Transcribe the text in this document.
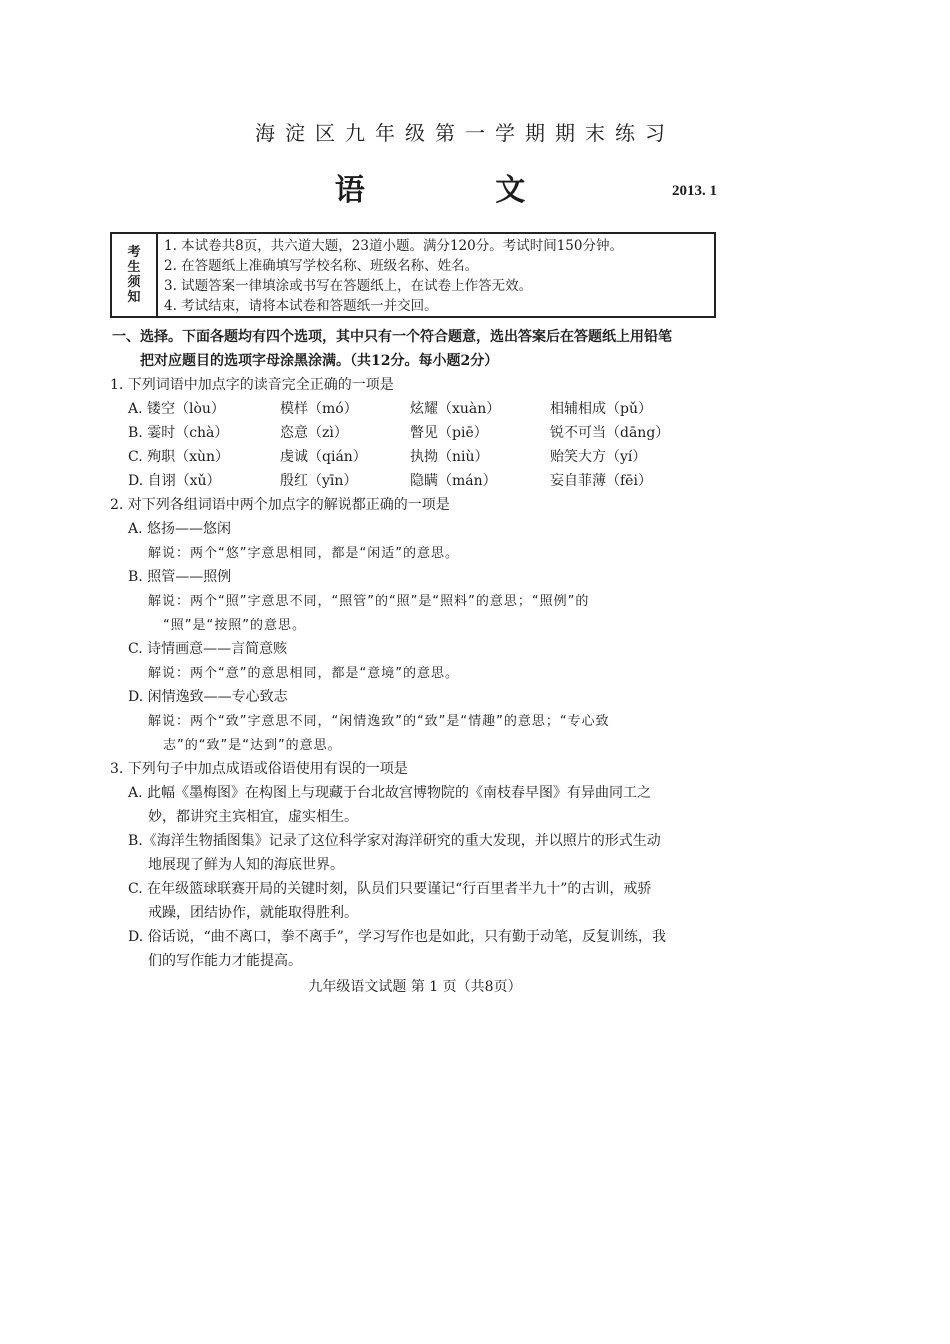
海淀区九年级第一学期期末练习
语 文	2013. 1
考
生
须
知
1. 本试卷共8页，共六道大题，23道小题。满分120分。考试时间150分钟。
2. 在答题纸上准确填写学校名称、班级名称、姓名。
3. 试题答案一律填涂或书写在答题纸上，在试卷上作答无效。
4. 考试结束，请将本试卷和答题纸一并交回。
一、选择。下面各题均有四个选项，其中只有一个符合题意，选出答案后在答题纸上用铅笔
把对应题目的选项字母涂黑涂满。（共12分。每小题2分）
1. 下列词语中加点字的读音完全正确的一项是
A. 镂空（lòu）	模样（mó）	炫耀（xuàn）	相辅相成（pǔ）
B. 霎时（chà）	恣意（zì）	瞥见（piē）	锐不可当（dāng）
C. 殉职（xùn）	虔诚（qián）	执拗（niù）	贻笑大方（yí）
D. 自诩（xǔ）	殷红（yīn）	隐瞒（mán）	妄自菲薄（fēi）
2. 对下列各组词语中两个加点字的解说都正确的一项是
A. 悠扬——悠闲
解说：两个“悠”字意思相同，都是“闲适”的意思。
B. 照管——照例
解说：两个“照”字意思不同，“照管”的“照”是“照料”的意思；“照例”的
“照”是“按照”的意思。
C. 诗情画意——言简意赅
解说：两个“意”的意思相同，都是“意境”的意思。
D. 闲情逸致——专心致志
解说：两个“致”字意思不同，“闲情逸致”的“致”是“情趣”的意思；“专心致
志”的“致”是“达到”的意思。
3. 下列句子中加点成语或俗语使用有误的一项是
A. 此幅《墨梅图》在构图上与现藏于台北故宫博物院的《南枝春早图》有异曲同工之
妙，都讲究主宾相宜，虚实相生。
B.《海洋生物插图集》记录了这位科学家对海洋研究的重大发现，并以照片的形式生动
地展现了鲜为人知的海底世界。
C. 在年级篮球联赛开局的关键时刻，队员们只要谨记“行百里者半九十”的古训，戒骄
戒躁，团结协作，就能取得胜利。
D. 俗话说，“曲不离口，拳不离手”，学习写作也是如此，只有勤于动笔，反复训练，我
们的写作能力才能提高。
九年级语文试题 第 1 页（共8页）
